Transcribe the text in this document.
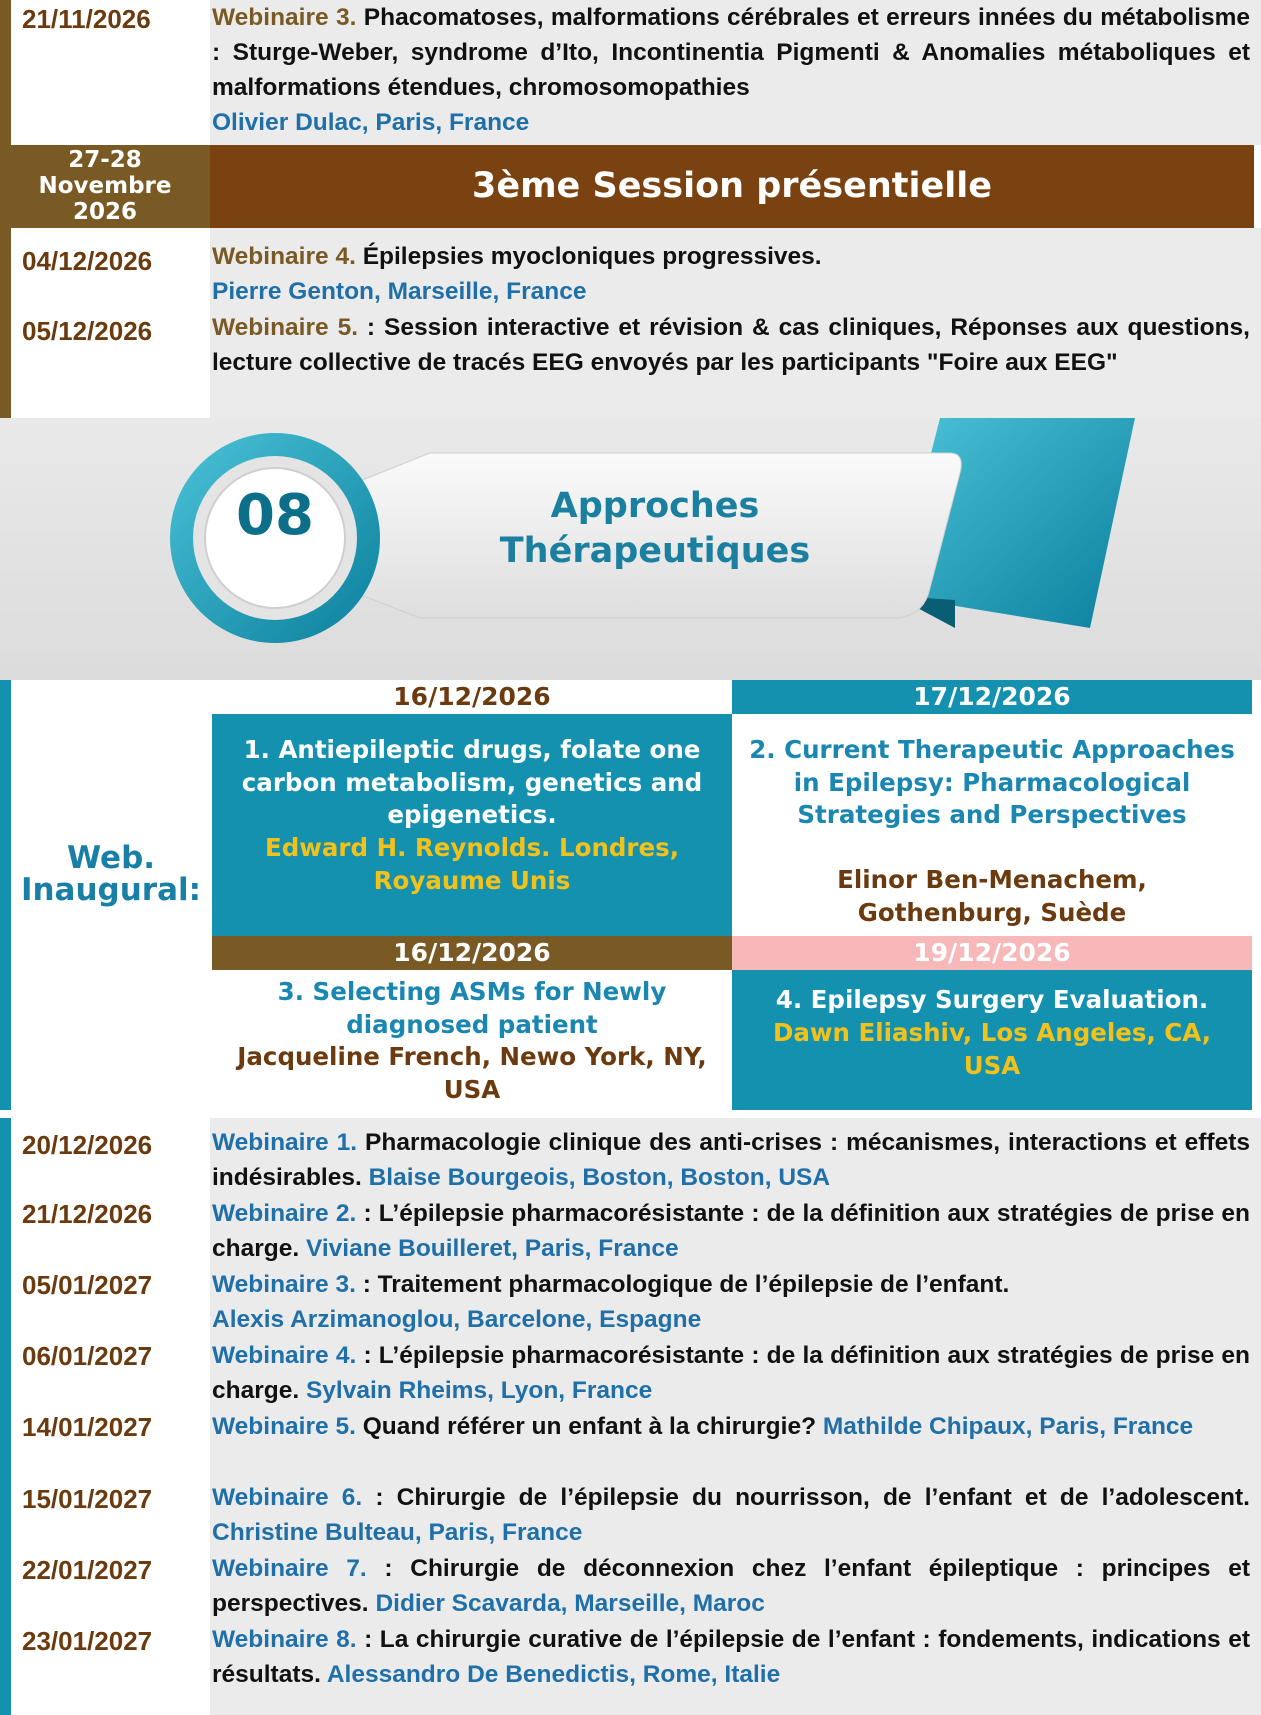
21/11/2026	Webinaire 3. Phacomatoses, malformations cérébrales et erreurs innées du métabolisme : Sturge-Weber, syndrome d’Ito, Incontinentia Pigmenti & Anomalies métaboliques et malformations étendues, chromosomopathies
Olivier Dulac, Paris, France
27-28
Novembre
2026
3ème Session présentielle
04/12/2026	Webinaire 4. Épilepsies myocloniques progressives.
Pierre Genton, Marseille, France
05/12/2026	Webinaire 5. : Session interactive et révision & cas cliniques, Réponses aux questions, lecture collective de tracés EEG envoyés par les participants "Foire aux EEG"
08	Approches
Thérapeutiques
Web.
Inaugural:
16/12/2026	17/12/2026
1. Antiepileptic drugs, folate one carbon metabolism, genetics and epigenetics.
Edward H. Reynolds. Londres, Royaume Unis
2. Current Therapeutic Approaches in Epilepsy: Pharmacological Strategies and Perspectives
Elinor Ben-Menachem, Gothenburg, Suède
16/12/2026	19/12/2026
3. Selecting ASMs for Newly diagnosed patient
Jacqueline French, Newo York, NY, USA
4. Epilepsy Surgery Evaluation.
Dawn Eliashiv, Los Angeles, CA, USA
20/12/2026	Webinaire 1. Pharmacologie clinique des anti-crises : mécanismes, interactions et effets indésirables. Blaise Bourgeois, Boston, Boston, USA
21/12/2026	Webinaire 2. : L’épilepsie pharmacorésistante : de la définition aux stratégies de prise en charge. Viviane Bouilleret, Paris, France
05/01/2027	Webinaire 3. : Traitement pharmacologique de l’épilepsie de l’enfant.
Alexis Arzimanoglou, Barcelone, Espagne
06/01/2027	Webinaire 4. : L’épilepsie pharmacorésistante : de la définition aux stratégies de prise en charge. Sylvain Rheims, Lyon, France
14/01/2027	Webinaire 5. Quand référer un enfant à la chirurgie? Mathilde Chipaux, Paris, France
15/01/2027	Webinaire 6. : Chirurgie de l’épilepsie du nourrisson, de l’enfant et de l’adolescent. Christine Bulteau, Paris, France
22/01/2027	Webinaire 7. : Chirurgie de déconnexion chez l’enfant épileptique : principes et perspectives. Didier Scavarda, Marseille, Maroc
23/01/2027	Webinaire 8. : La chirurgie curative de l’épilepsie de l’enfant : fondements, indications et résultats. Alessandro De Benedictis, Rome, Italie
